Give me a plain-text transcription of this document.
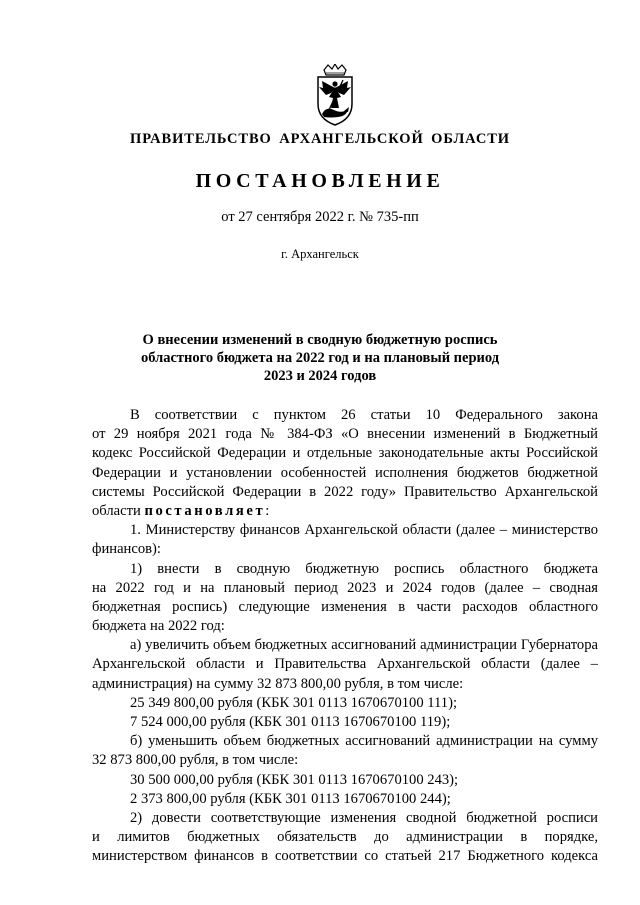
ПРАВИТЕЛЬСТВО АРХАНГЕЛЬСКОЙ ОБЛАСТИ
ПОСТАНОВЛЕНИЕ
от 27 сентября 2022 г. № 735-пп
г. Архангельск
О внесении изменений в сводную бюджетную роспись
областного бюджета на 2022 год и на плановый период
2023 и 2024 годов
В соответствии с пунктом 26 статьи 10 Федерального закона
от 29 ноября 2021 года № 384-ФЗ «О внесении изменений в Бюджетный
кодекс Российской Федерации и отдельные законодательные акты Российской
Федерации и установлении особенностей исполнения бюджетов бюджетной
системы Российской Федерации в 2022 году» Правительство Архангельской
области постановляет:
1. Министерству финансов Архангельской области (далее – министерство
финансов):
1) внести в сводную бюджетную роспись областного бюджета
на 2022 год и на плановый период 2023 и 2024 годов (далее – сводная
бюджетная роспись) следующие изменения в части расходов областного
бюджета на 2022 год:
а) увеличить объем бюджетных ассигнований администрации Губернатора
Архангельской области и Правительства Архангельской области (далее –
администрация) на сумму 32 873 800,00 рубля, в том числе:
25 349 800,00 рубля (КБК 301 0113 1670670100 111);
7 524 000,00 рубля (КБК 301 0113 1670670100 119);
б) уменьшить объем бюджетных ассигнований администрации на сумму
32 873 800,00 рубля, в том числе:
30 500 000,00 рубля (КБК 301 0113 1670670100 243);
2 373 800,00 рубля (КБК 301 0113 1670670100 244);
2) довести соответствующие изменения сводной бюджетной росписи
и лимитов бюджетных обязательств до администрации в порядке,
министерством финансов в соответствии со статьей 217 Бюджетного кодекса
